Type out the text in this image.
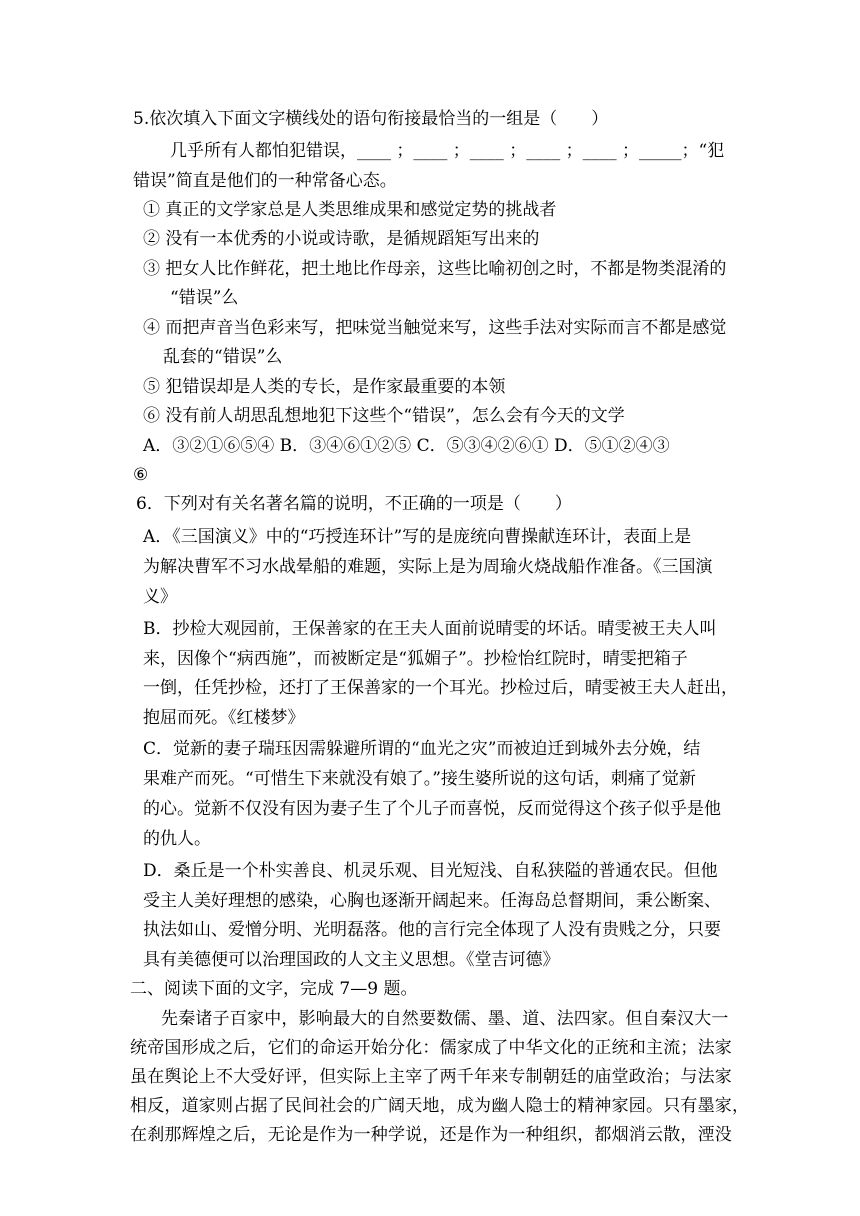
5.依次填入下面文字横线处的语句衔接最恰当的一组是（　　）
几乎所有人都怕犯错误，____ ；____ ；____ ；____ ；____ ；_____；“犯
错误”简直是他们的一种常备心态。
① 真正的文学家总是人类思维成果和感觉定势的挑战者
② 没有一本优秀的小说或诗歌，是循规蹈矩写出来的
③ 把女人比作鲜花，把土地比作母亲，这些比喻初创之时，不都是物类混淆的
“错误”么
④ 而把声音当色彩来写，把味觉当触觉来写，这些手法对实际而言不都是感觉
乱套的“错误”么
⑤ 犯错误却是人类的专长，是作家最重要的本领
⑥ 没有前人胡思乱想地犯下这些个“错误”，怎么会有今天的文学
A．③②①⑥⑤④ B．③④⑥①②⑤ C．⑤③④②⑥① D．⑤①②④③
⑥
6．下列对有关名著名篇的说明，不正确的一项是（　　）
A．《三国演义》中的“巧授连环计”写的是庞统向曹操献连环计，表面上是
为解决曹军不习水战晕船的难题，实际上是为周瑜火烧战船作准备。《三国演
义》
B．抄检大观园前，王保善家的在王夫人面前说晴雯的坏话。晴雯被王夫人叫
来，因像个“病西施”，而被断定是“狐媚子”。抄检怡红院时，晴雯把箱子
一倒，任凭抄检，还打了王保善家的一个耳光。抄检过后，晴雯被王夫人赶出，
抱屈而死。《红楼梦》
C．觉新的妻子瑞珏因需躲避所谓的“血光之灾”而被迫迁到城外去分娩，结
果难产而死。“可惜生下来就没有娘了。”接生婆所说的这句话，刺痛了觉新
的心。觉新不仅没有因为妻子生了个儿子而喜悦，反而觉得这个孩子似乎是他
的仇人。
D．桑丘是一个朴实善良、机灵乐观、目光短浅、自私狭隘的普通农民。但他
受主人美好理想的感染，心胸也逐渐开阔起来。任海岛总督期间，秉公断案、
执法如山、爱憎分明、光明磊落。他的言行完全体现了人没有贵贱之分，只要
具有美德便可以治理国政的人文主义思想。《堂吉诃德》
二、阅读下面的文字，完成 7—9 题。
先秦诸子百家中，影响最大的自然要数儒、墨、道、法四家。但自秦汉大一
统帝国形成之后，它们的命运开始分化：儒家成了中华文化的正统和主流；法家
虽在舆论上不大受好评，但实际上主宰了两千年来专制朝廷的庙堂政治；与法家
相反，道家则占据了民间社会的广阔天地，成为幽人隐士的精神家园。只有墨家，
在刹那辉煌之后，无论是作为一种学说，还是作为一种组织，都烟消云散，湮没
